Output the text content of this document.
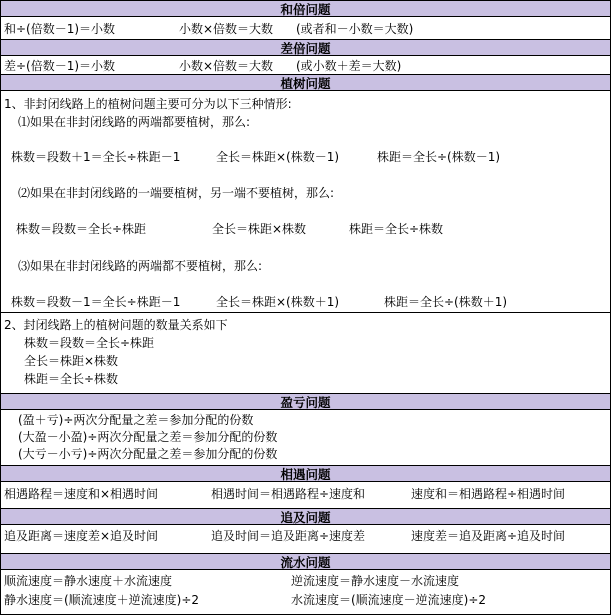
和倍问题
和÷(倍数－1)＝小数	小数×倍数＝大数 (或者和－小数＝大数)
差倍问题
差÷(倍数－1)＝小数	小数×倍数＝大数 (或小数＋差＝大数)
植树问题
1、非封闭线路上的植树问题主要可分为以下三种情形:
⑴如果在非封闭线路的两端都要植树，那么:
株数＝段数＋1＝全长÷株距－1	全长＝株距×(株数－1)	株距＝全长÷(株数－1)
⑵如果在非封闭线路的一端要植树，另一端不要植树，那么:
株数＝段数＝全长÷株距	全长＝株距×株数	株距＝全长÷株数
⑶如果在非封闭线路的两端都不要植树，那么:
株数＝段数－1＝全长÷株距－1	全长＝株距×(株数＋1)	株距＝全长÷(株数＋1)
2、封闭线路上的植树问题的数量关系如下
株数＝段数＝全长÷株距
全长＝株距×株数
株距＝全长÷株数
盈亏问题
(盈＋亏)÷两次分配量之差＝参加分配的份数
(大盈－小盈)÷两次分配量之差＝参加分配的份数
(大亏－小亏)÷两次分配量之差＝参加分配的份数
相遇问题
相遇路程＝速度和×相遇时间	相遇时间＝相遇路程÷速度和	速度和＝相遇路程÷相遇时间
追及问题
追及距离＝速度差×追及时间	追及时间＝追及距离÷速度差	速度差＝追及距离÷追及时间
流水问题
顺流速度＝静水速度＋水流速度	逆流速度＝静水速度－水流速度
静水速度＝(顺流速度＋逆流速度)÷2	水流速度＝(顺流速度－逆流速度)÷2
